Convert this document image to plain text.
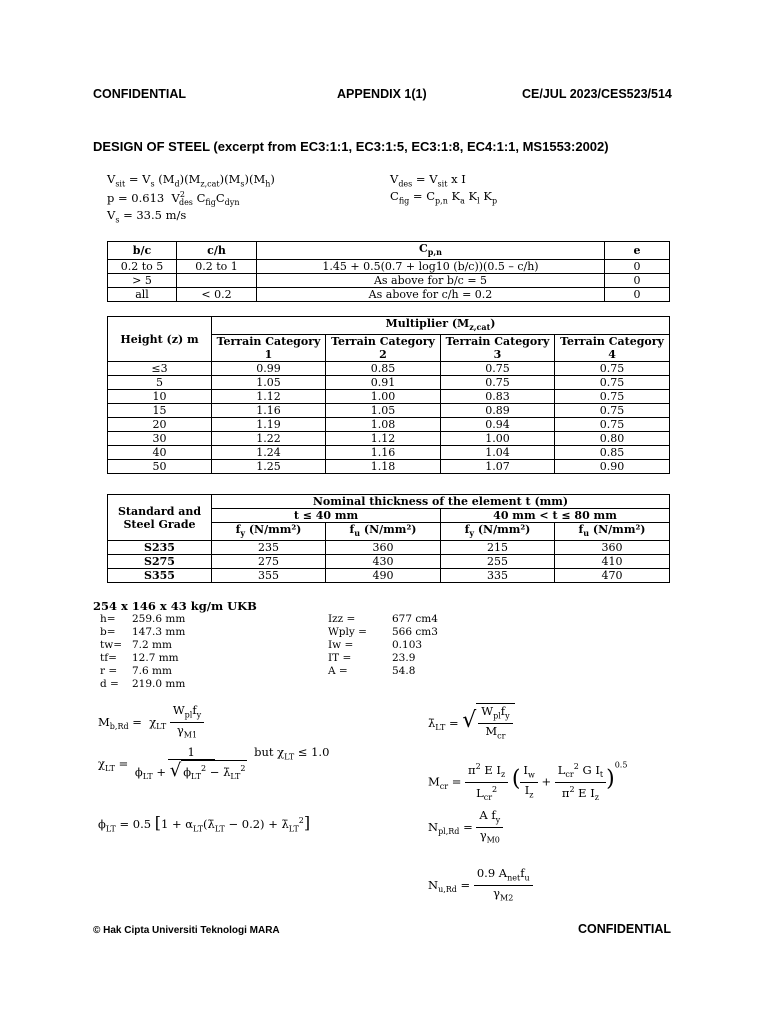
CONFIDENTIAL	APPENDIX 1(1)	CE/JUL 2023/CES523/514
DESIGN OF STEEL (excerpt from EC3:1:1, EC3:1:5, EC3:1:8, EC4:1:1, MS1553:2002)
$V_{sit} = V_s$ $(M_d)(M_{z,cat})(M_s)(M_h)$
p = 0.613  $V^2_{des}$ $C_{fig}C_{dyn}$
$V_s = 33.5$ m/s
$V_{des} = V_{sit}$ x I
$C_{fig} = C_{p,n}$ $K_a$ $K_l$ $K_p$
b/c	c/h	$C_{p,n}$	e
0.2 to 5	0.2 to 1	1.45 + 0.5(0.7 + log10 (b/c))(0.5 – c/h)	0
> 5		As above for b/c = 5	0
all	< 0.2	As above for c/h = 0.2	0
Height (z) m	Multiplier $(M_{z,cat})$			
	Terrain Category 1	Terrain Category 2	Terrain Category 3	Terrain Category 4

≤3	0.99	0.85	0.75	0.75
5	1.05	0.91	0.75	0.75
10	1.12	1.00	0.83	0.75
15	1.16	1.05	0.89	0.75
20	1.19	1.08	0.94	0.75
30	1.22	1.12	1.00	0.80
40	1.24	1.16	1.04	0.85
50	1.25	1.18	1.07	0.90
Standard and Steel Grade	Nominal thickness of the element t (mm)			
	t ≤ 40 mm		40 mm < t ≤ 80 mm	
	$f_y$ (N/mm²)	$f_u$ (N/mm²)	$f_y$ (N/mm²)	$f_u$ (N/mm²)
S235	235	360	215	360
S275	275	430	255	410
S355	355	490	335	470
254 x 146 x 43 kg/m UKB
h= 259.6 mm
b= 147.3 mm
tw= 7.2 mm
tf= 12.7 mm
r = 7.6 mm
d = 219.0 mm
Izz =	677 cm4
Wply = 566 cm3
Iw =	0.103
IT =	23.9
A =	54.8
$M_{b,Rd} = \chi_{LT} \frac{W_{pl}f_y}{\gamma_{M1}}$
$\chi_{LT} = \frac{1}{\phi_{LT} + √ \phi_{LT}^2 - \lambdā_{LT}^2}$ but $\chi_{LT} \le 1.0$
$\phi_{LT} = 0.5$ [$1 + \alpha_{LT}(\lambdā_{LT} - 0.2)$ + $\lambdā_{LT}^2$]
$\lambdā_{LT}$ = √ $\frac{W_{pl}f_y}{M_{cr}}$
$M_{cr} = \frac{\pi^2 E I_z}{L_{cr}^2}$ ( $\frac{I_w}{I_z} + \frac{L_{cr}^2 G I_t}{\pi^2 E I_z} )^{0.5}$
$N_{pl,Rd} = \frac{A f_y}{\gamma_{M0}}$
$N_{u,Rd} = \frac{0.9 A_{net}f_u}{\gamma_{M2}}$
© Hak Cipta Universiti Teknologi MARA	CONFIDENTIAL
